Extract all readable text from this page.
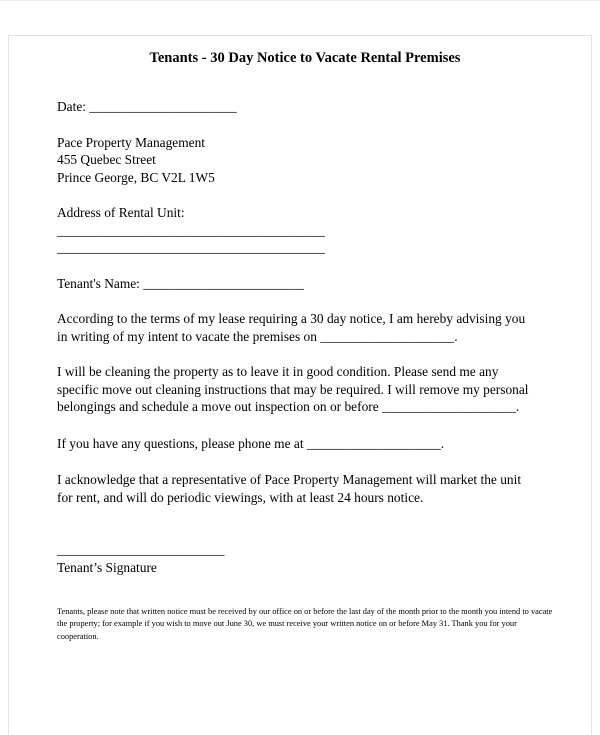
Tenants - 30 Day Notice to Vacate Rental Premises
Date: ______________________
Pace Property Management
455 Quebec Street
Prince George, BC V2L 1W5
Address of Rental Unit:
________________________________________
________________________________________
Tenant's Name: ________________________
According to the terms of my lease requiring a 30 day notice, I am hereby advising you in writing of my intent to vacate the premises on ____________________.
I will be cleaning the property as to leave it in good condition. Please send me any specific move out cleaning instructions that may be required. I will remove my personal belongings and schedule a move out inspection on or before ____________________.
If you have any questions, please phone me at ____________________.
I acknowledge that a representative of Pace Property Management will market the unit for rent, and will do periodic viewings, with at least 24 hours notice.
_________________________
Tenant’s Signature
Tenants, please note that written notice must be received by our office on or before the last day of the month prior to the month you intend to vacate the property; for example if you wish to move out June 30, we must receive your written notice on or before May 31. Thank you for your cooperation.
